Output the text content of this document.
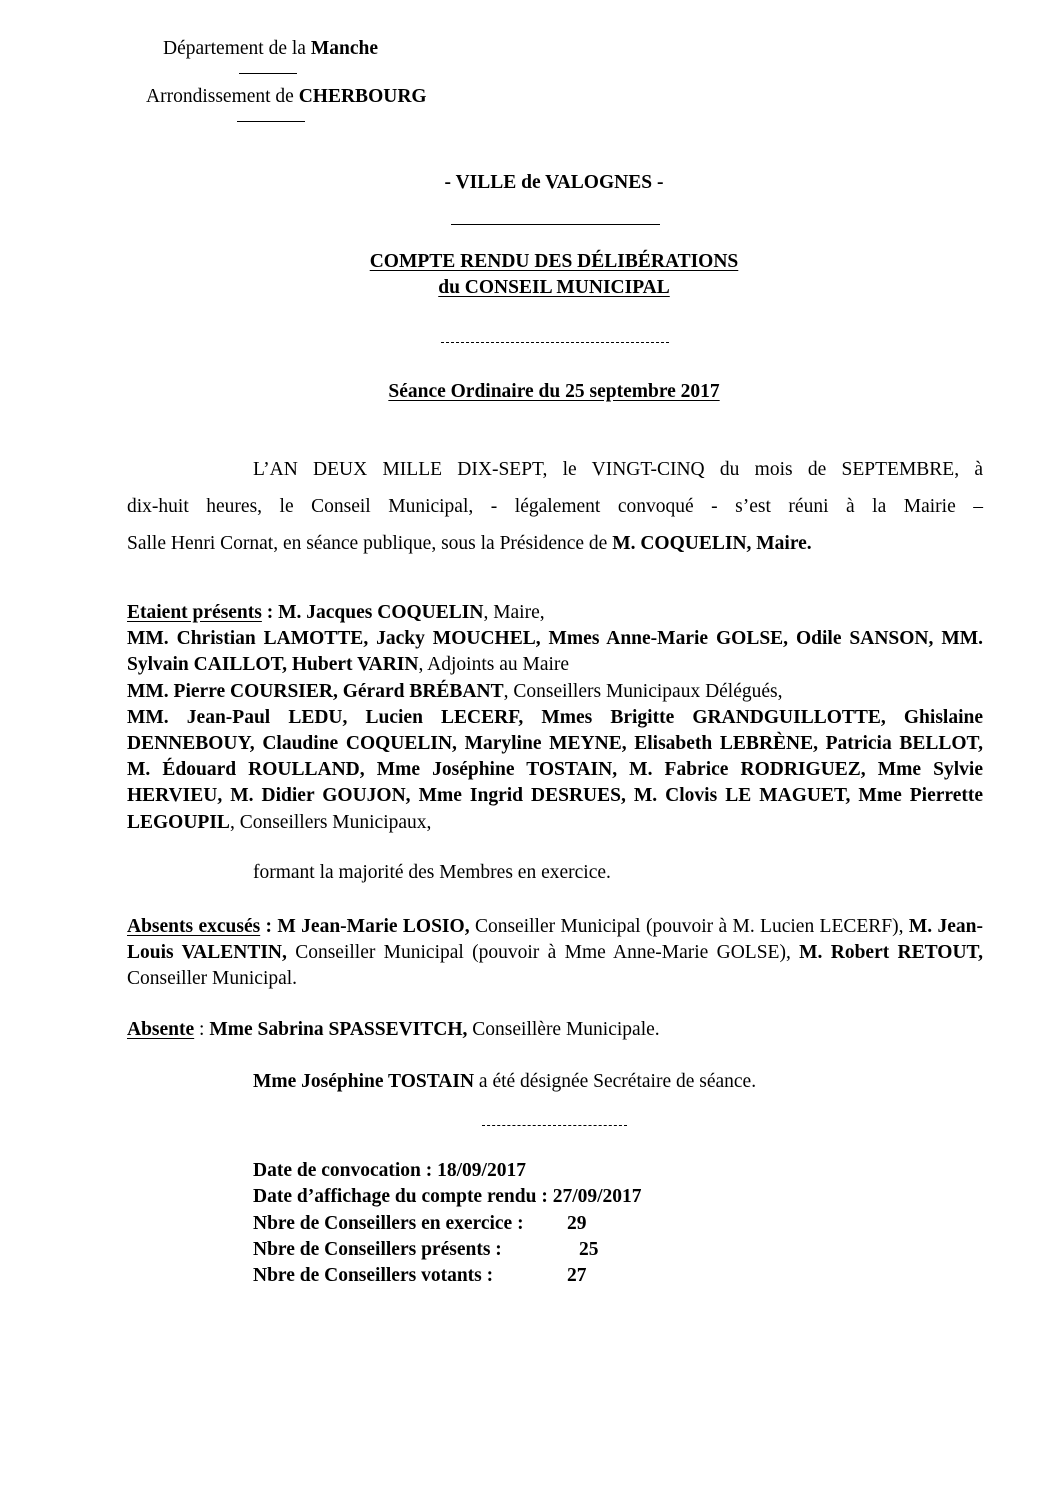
Département de la Manche
Arrondissement de CHERBOURG
- VILLE de VALOGNES -
COMPTE RENDU DES DÉLIBÉRATIONS
du CONSEIL MUNICIPAL
Séance Ordinaire du 25 septembre 2017
L’AN DEUX MILLE DIX-SEPT, le VINGT-CINQ du mois de SEPTEMBRE, à
dix-huit heures, le Conseil Municipal, - légalement convoqué - s’est réuni à la Mairie –
Salle Henri Cornat, en séance publique, sous la Présidence de M. COQUELIN, Maire.
Etaient présents : M. Jacques COQUELIN, Maire,
MM. Christian LAMOTTE, Jacky MOUCHEL, Mmes Anne-Marie GOLSE, Odile SANSON, MM. Sylvain CAILLOT, Hubert VARIN, Adjoints au Maire
MM. Pierre COURSIER, Gérard BRÉBANT, Conseillers Municipaux Délégués,
MM. Jean-Paul LEDU, Lucien LECERF, Mmes Brigitte GRANDGUILLOTTE, Ghislaine DENNEBOUY, Claudine COQUELIN, Maryline MEYNE, Elisabeth LEBRÈNE, Patricia BELLOT, M. Édouard ROULLAND, Mme Joséphine TOSTAIN, M. Fabrice RODRIGUEZ, Mme Sylvie HERVIEU, M. Didier GOUJON, Mme Ingrid DESRUES, M. Clovis LE MAGUET, Mme Pierrette LEGOUPIL, Conseillers Municipaux,
formant la majorité des Membres en exercice.
Absents excusés : M Jean-Marie LOSIO, Conseiller Municipal (pouvoir à M. Lucien LECERF), M. Jean-Louis VALENTIN, Conseiller Municipal (pouvoir à Mme Anne-Marie GOLSE), M. Robert RETOUT, Conseiller Municipal.
Absente : Mme Sabrina SPASSEVITCH, Conseillère Municipale.
Mme Joséphine TOSTAIN a été désignée Secrétaire de séance.
Date de convocation :
18/09/2017
Date d’affichage du compte rendu :
27/09/2017
Nbre de Conseillers en exercice :	29
Nbre de Conseillers présents :	25
Nbre de Conseillers votants :	27
